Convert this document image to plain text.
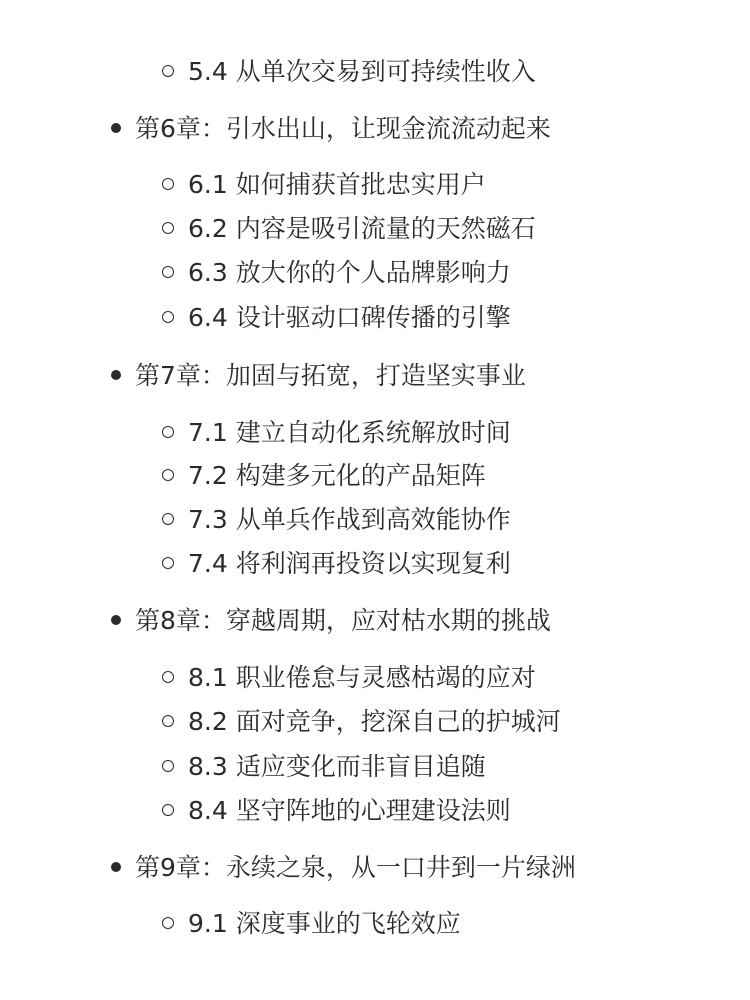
5.4 从单次交易到可持续性收入
第6章：引水出山，让现金流流动起来
6.1 如何捕获首批忠实用户
6.2 内容是吸引流量的天然磁石
6.3 放大你的个人品牌影响力
6.4 设计驱动口碑传播的引擎
第7章：加固与拓宽，打造坚实事业
7.1 建立自动化系统解放时间
7.2 构建多元化的产品矩阵
7.3 从单兵作战到高效能协作
7.4 将利润再投资以实现复利
第8章：穿越周期，应对枯水期的挑战
8.1 职业倦怠与灵感枯竭的应对
8.2 面对竞争，挖深自己的护城河
8.3 适应变化而非盲目追随
8.4 坚守阵地的心理建设法则
第9章：永续之泉，从一口井到一片绿洲
9.1 深度事业的飞轮效应
